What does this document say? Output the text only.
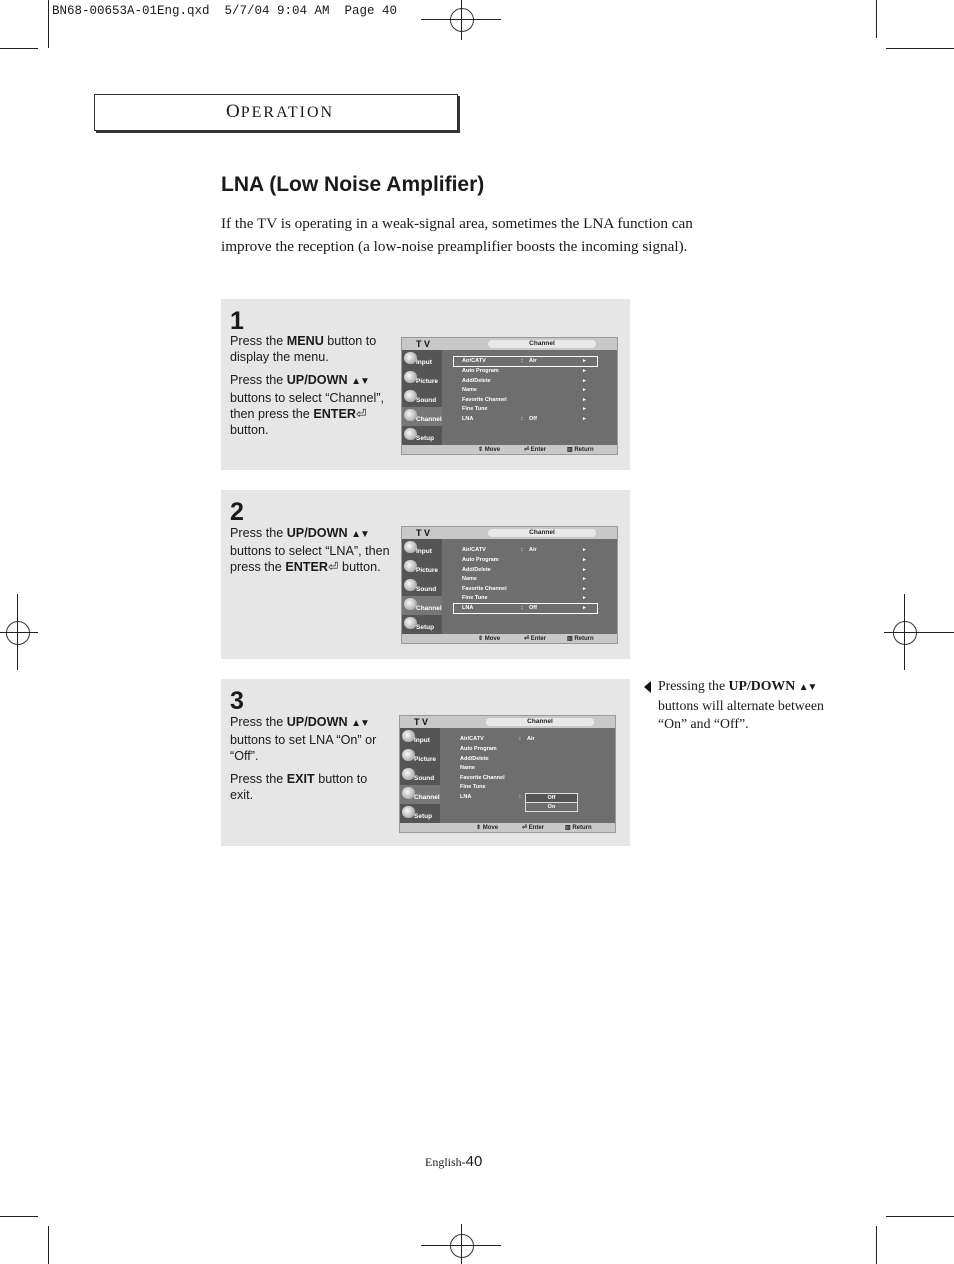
BN68-00653A-01Eng.qxd  5/7/04 9:04 AM  Page 40
OPERATION
LNA (Low Noise Amplifier)
If the TV is operating in a weak-signal area, sometimes the LNA function can improve the reception (a low-noise preamplifier boosts the incoming signal).
1

Press the MENU button to display the menu.

Press the UP/DOWN ▲▼ buttons to select “Channel”, then press the ENTER⏎ button.

T V	Channel
Input
Picture
Sound
Channel
Setup
Air/CATV	: Air	►
Auto Program	►
Add/Delete	►
Name	►
Favorite Channel	►
Fine Tune	►
LNA	: Off	►
⇕ Move	⏎ Enter	▥ Return
2

Press the UP/DOWN ▲▼ buttons to select “LNA”, then press the ENTER⏎ button.

T V	Channel
Input
Picture
Sound
Channel
Setup
Air/CATV	: Air	►
Auto Program	►
Add/Delete	►
Name	►
Favorite Channel	►
Fine Tune	►
LNA	: Off	►
⇕ Move	⏎ Enter	▥ Return
3

Press the UP/DOWN ▲▼ buttons to set LNA “On” or “Off”.

Press the EXIT button to exit.

T V	Channel
Input
Picture
Sound
Channel
Setup
Air/CATV	: Air
Auto Program
Add/Delete
Name
Favorite Channel
Fine Tune
LNA	:	Off
On
⇕ Move	⏎ Enter	▥ Return
Pressing the UP/DOWN ▲▼ buttons will alternate between “On” and “Off”.
English-40
